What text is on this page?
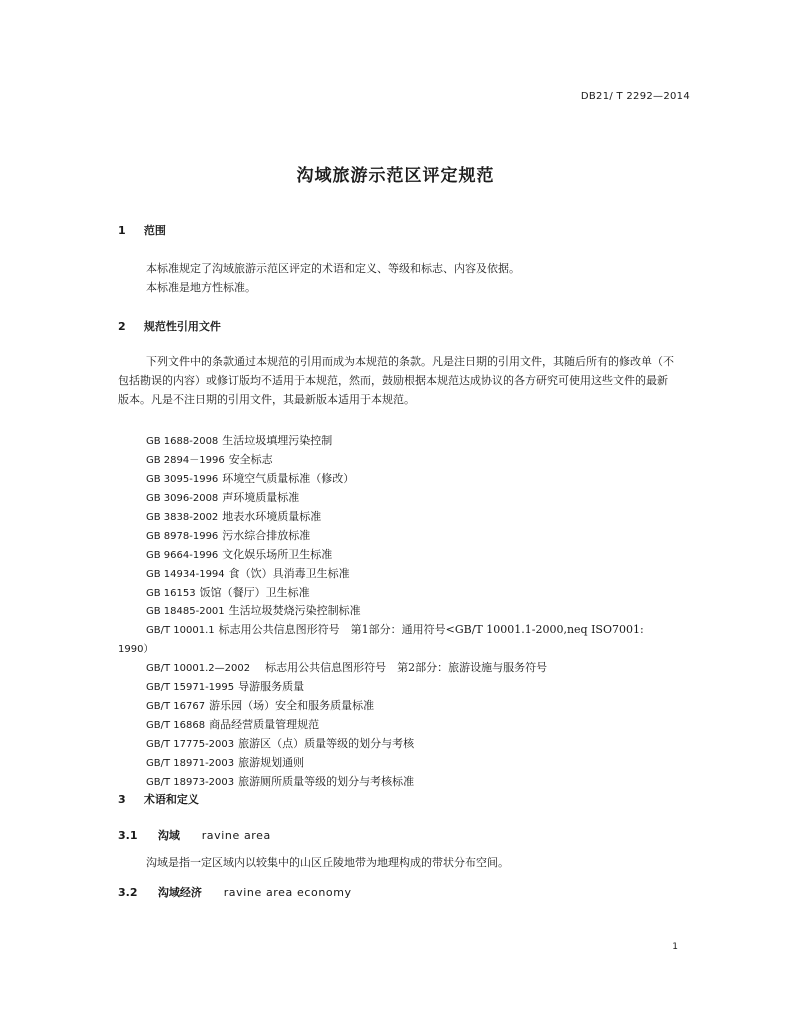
DB21/ T 2292—2014
沟域旅游示范区评定规范
1 范围

本标准规定了沟域旅游示范区评定的术语和定义、等级和标志、内容及依据。

本标准是地方性标准。

2 规范性引用文件

下列文件中的条款通过本规范的引用而成为本规范的条款。凡是注日期的引用文件，其随后所有的修改单（不包括勘误的内容）或修订版均不适用于本规范，然而，鼓励根据本规范达成协议的各方研究可使用这些文件的最新版本。凡是不注日期的引用文件，其最新版本适用于本规范。

GB 1688-2008 生活垃圾填埋污染控制
GB 2894－1996 安全标志
GB 3095-1996 环境空气质量标准（修改）
GB 3096-2008 声环境质量标准
GB 3838-2002 地表水环境质量标准
GB 8978-1996 污水综合排放标准
GB 9664-1996 文化娱乐场所卫生标准
GB 14934-1994 食（饮）具消毒卫生标准
GB 16153 饭馆（餐厅）卫生标准
GB 18485-2001 生活垃圾焚烧污染控制标准
GB/T 10001.1 标志用公共信息图形符号　第1部分：通用符号<GB/T 10001.1-2000,neq ISO7001:
1990）
GB/T 10001.2—2002　标志用公共信息图形符号　第2部分：旅游设施与服务符号
GB/T 15971-1995 导游服务质量
GB/T 16767 游乐园（场）安全和服务质量标准
GB/T 16868 商品经营质量管理规范
GB/T 17775-2003 旅游区（点）质量等级的划分与考核
GB/T 18971-2003 旅游规划通则
GB/T 18973-2003 旅游厕所质量等级的划分与考核标准
3 术语和定义
3.1 沟域 ravine area

沟域是指一定区域内以较集中的山区丘陵地带为地理构成的带状分布空间。

3.2 沟域经济 ravine area economy
1
